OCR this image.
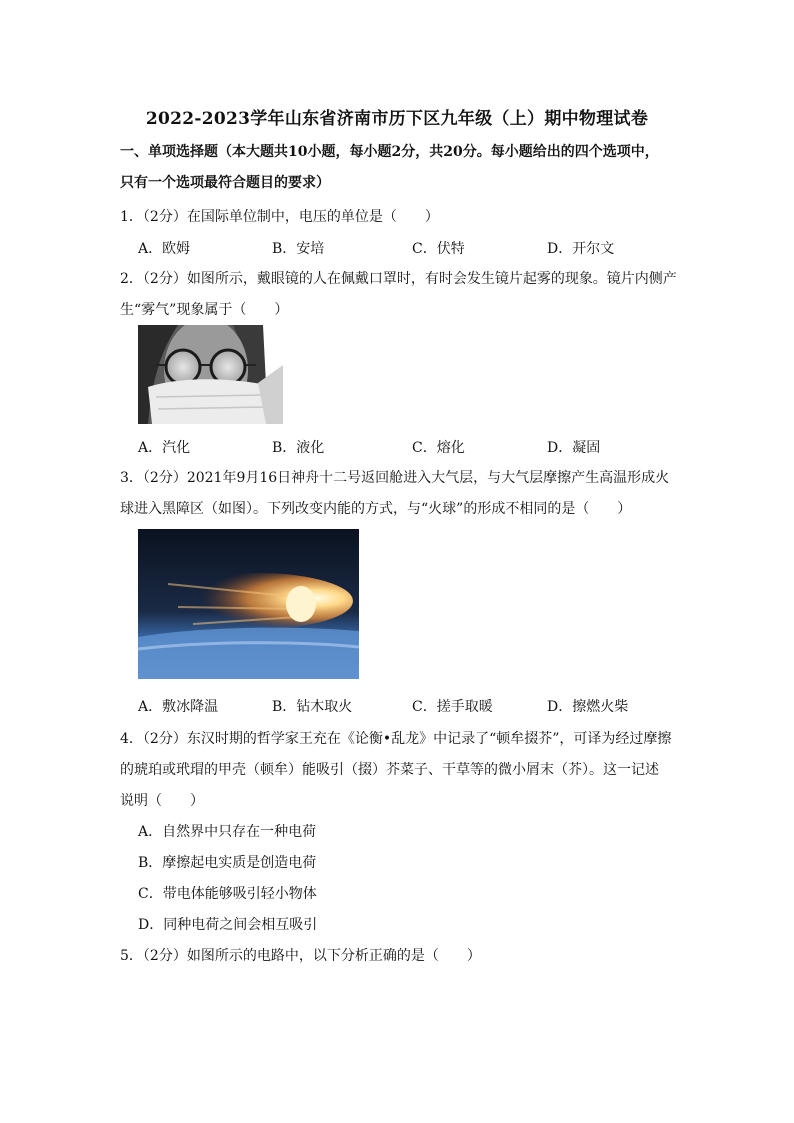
2022-2023学年山东省济南市历下区九年级（上）期中物理试卷
一、单项选择题（本大题共10小题，每小题2分，共20分。每小题给出的四个选项中，
只有一个选项最符合题目的要求）
1．（2分）在国际单位制中，电压的单位是（　　）
A．欧姆	B．安培	C．伏特	D．开尔文
2．（2分）如图所示，戴眼镜的人在佩戴口罩时，有时会发生镜片起雾的现象。镜片内侧产
生“雾气”现象属于（　　）
A．汽化	B．液化	C．熔化	D．凝固
3．（2分）2021年9月16日神舟十二号返回舱进入大气层，与大气层摩擦产生高温形成火
球进入黑障区（如图）。下列改变内能的方式，与“火球”的形成不相同的是（　　）
A．敷冰降温	B．钻木取火	C．搓手取暖	D．擦燃火柴
4．（2分）东汉时期的哲学家王充在《论衡•乱龙》中记录了“顿牟掇芥”，可译为经过摩擦
的琥珀或玳瑁的甲壳（顿牟）能吸引（掇）芥菜子、干草等的微小屑末（芥）。这一记述
说明（　　）
A．自然界中只存在一种电荷
B．摩擦起电实质是创造电荷
C．带电体能够吸引轻小物体
D．同种电荷之间会相互吸引
5．（2分）如图所示的电路中，以下分析正确的是（　　）
